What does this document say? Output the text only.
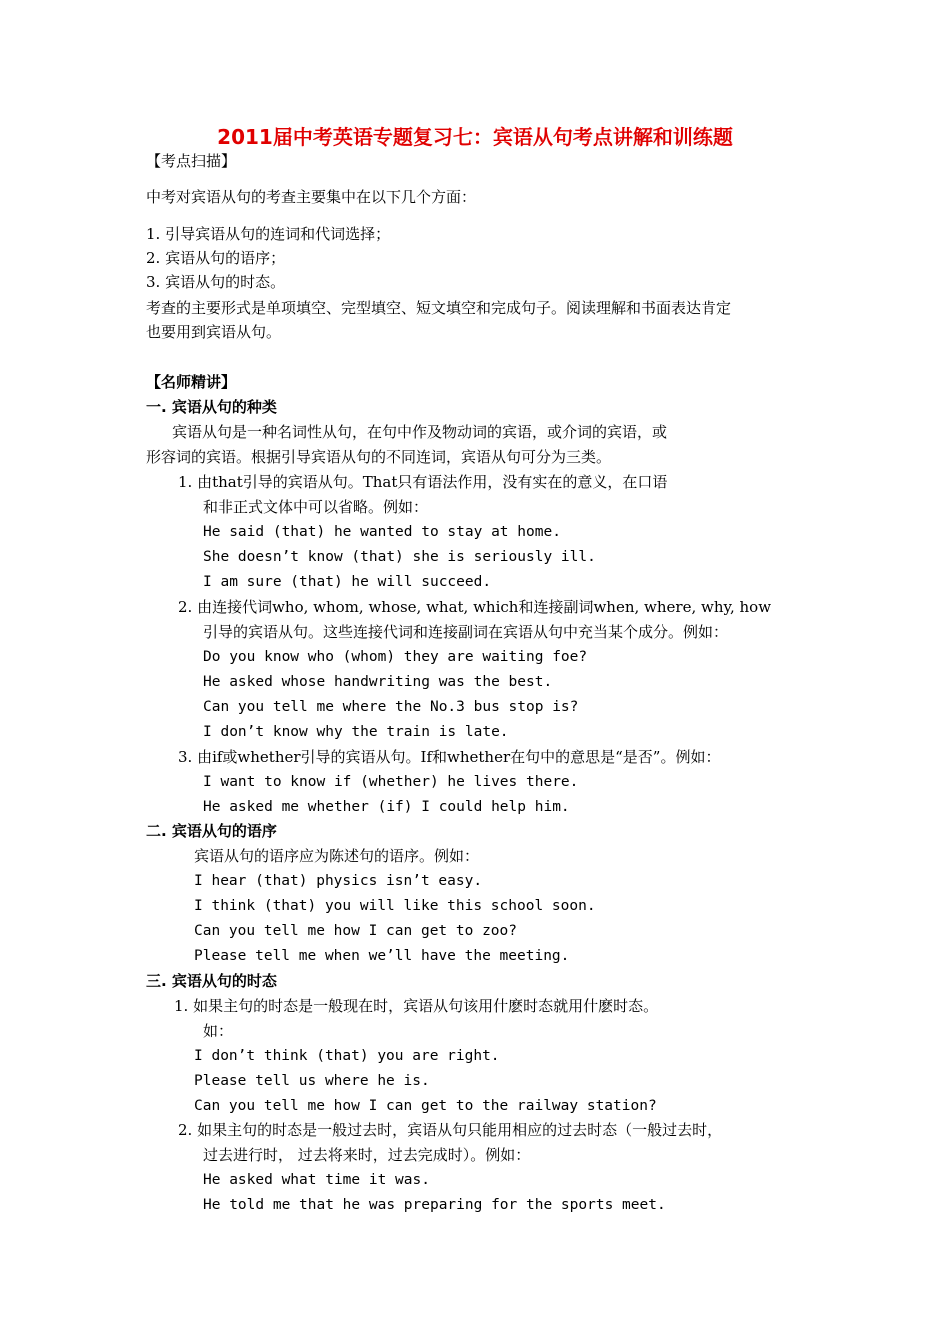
2011届中考英语专题复习七：宾语从句考点讲解和训练题
【考点扫描】
中考对宾语从句的考查主要集中在以下几个方面：
1. 引导宾语从句的连词和代词选择；
2. 宾语从句的语序；
3. 宾语从句的时态。
考查的主要形式是单项填空、完型填空、短文填空和完成句子。阅读理解和书面表达肯定
也要用到宾语从句。
【名师精讲】
一. 宾语从句的种类
宾语从句是一种名词性从句，在句中作及物动词的宾语，或介词的宾语，或
形容词的宾语。根据引导宾语从句的不同连词，宾语从句可分为三类。
1. 由that引导的宾语从句。That只有语法作用，没有实在的意义，在口语
和非正式文体中可以省略。例如：
He said (that) he wanted to stay at home.
She doesn’t know (that) she is seriously ill.
I am sure (that) he will succeed.
2. 由连接代词who, whom, whose, what, which和连接副词when, where, why, how
引导的宾语从句。这些连接代词和连接副词在宾语从句中充当某个成分。例如：
Do you know who (whom) they are waiting foe?
He asked whose handwriting was the best.
Can you tell me where the No.3 bus stop is?
I don’t know why the train is late.
3. 由if或whether引导的宾语从句。If和whether在句中的意思是“是否”。例如：
I want to know if (whether) he lives there.
He asked me whether (if) I could help him.
二. 宾语从句的语序
宾语从句的语序应为陈述句的语序。例如：
I hear (that) physics isn’t easy.
I think (that) you will like this school soon.
Can you tell me how I can get to zoo?
Please tell me when we’ll have the meeting.
三. 宾语从句的时态
1. 如果主句的时态是一般现在时，宾语从句该用什麽时态就用什麽时态。
如：
I don’t think (that) you are right.
Please tell us where he is.
Can you tell me how I can get to the railway station?
2. 如果主句的时态是一般过去时，宾语从句只能用相应的过去时态（一般过去时，
过去进行时， 过去将来时，过去完成时）。例如：
He asked what time it was.
He told me that he was preparing for the sports meet.
